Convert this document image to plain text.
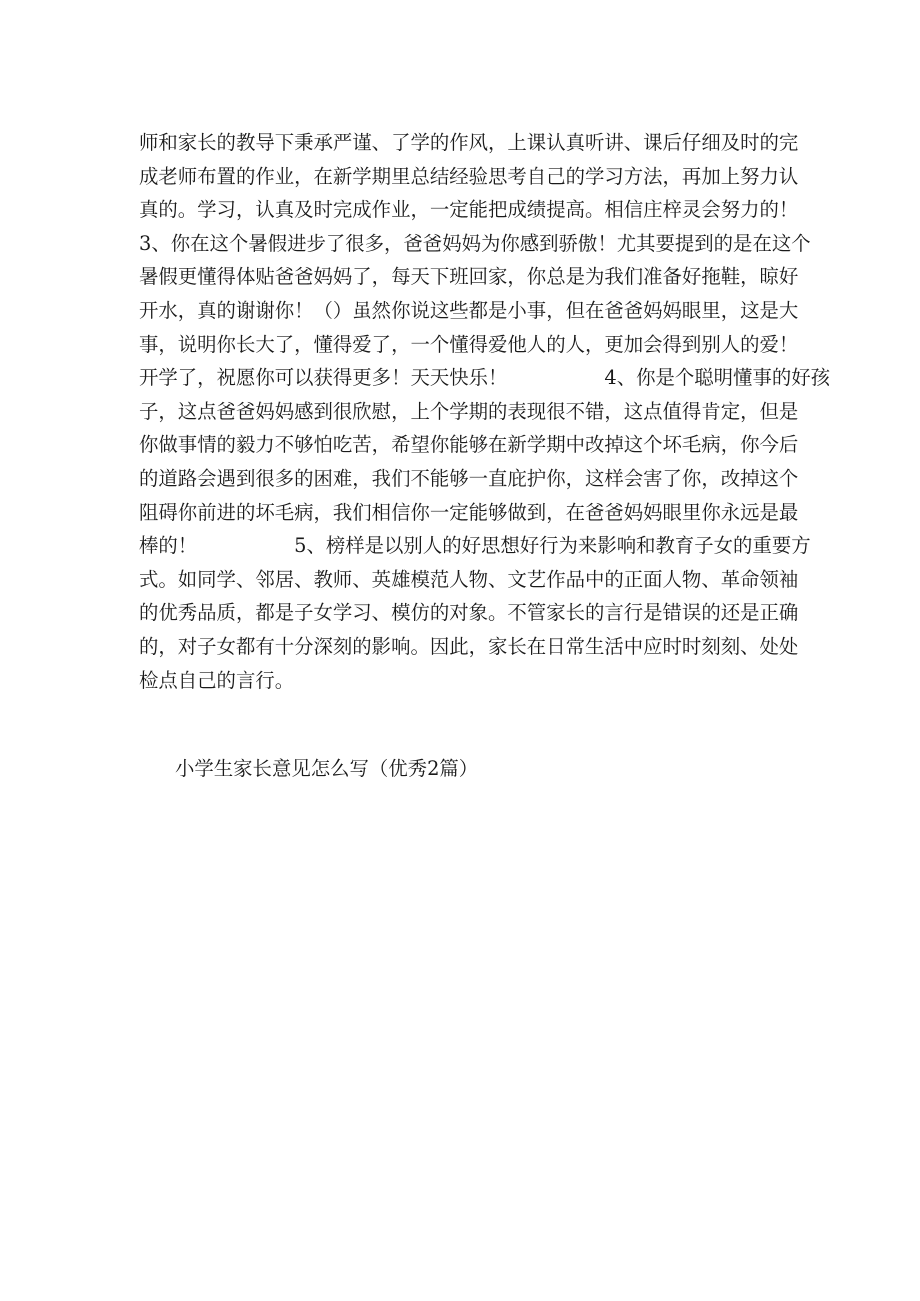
师和家长的教导下秉承严谨、了学的作风，上课认真听讲、课后仔细及时的完
成老师布置的作业，在新学期里总结经验思考自己的学习方法，再加上努力认
真的。学习，认真及时完成作业，一定能把成绩提高。相信庄梓灵会努力的！
3、你在这个暑假进步了很多，爸爸妈妈为你感到骄傲！尤其要提到的是在这个
暑假更懂得体贴爸爸妈妈了，每天下班回家，你总是为我们准备好拖鞋，晾好
开水，真的谢谢你！（）虽然你说这些都是小事，但在爸爸妈妈眼里，这是大
事，说明你长大了，懂得爱了，一个懂得爱他人的人，更加会得到别人的爱！
开学了，祝愿你可以获得更多！天天快乐！　　　　　4、你是个聪明懂事的好孩
子，这点爸爸妈妈感到很欣慰，上个学期的表现很不错，这点值得肯定，但是
你做事情的毅力不够怕吃苦，希望你能够在新学期中改掉这个坏毛病，你今后
的道路会遇到很多的困难，我们不能够一直庇护你，这样会害了你，改掉这个
阻碍你前进的坏毛病，我们相信你一定能够做到，在爸爸妈妈眼里你永远是最
棒的！　　　　　5、榜样是以别人的好思想好行为来影响和教育子女的重要方
式。如同学、邻居、教师、英雄模范人物、文艺作品中的正面人物、革命领袖
的优秀品质，都是子女学习、模仿的对象。不管家长的言行是错误的还是正确
的，对子女都有十分深刻的影响。因此，家长在日常生活中应时时刻刻、处处
检点自己的言行。
小学生家长意见怎么写（优秀2篇）
